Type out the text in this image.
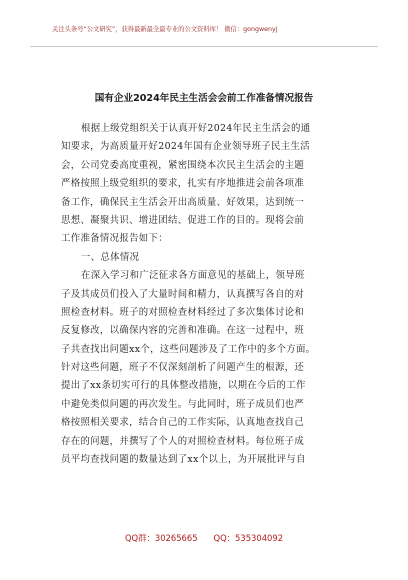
关注头条号“公文研究”，获得最新最全最专业的公文资料库！ 微信：gongwenyj
国有企业2024年民主生活会会前工作准备情况报告
根据上级党组织关于认真开好2024年民主生活会的通
知要求，为高质量开好2024年国有企业领导班子民主生活
会，公司党委高度重视，紧密围绕本次民主生活会的主题
严格按照上级党组织的要求，扎实有序地推进会前各项准
备工作，确保民主生活会开出高质量、好效果，达到统一
思想、凝聚共识、增进团结、促进工作的目的。现将会前
工作准备情况报告如下：
一、总体情况
在深入学习和广泛征求各方面意见的基础上，领导班
子及其成员们投入了大量时间和精力，认真撰写各自的对
照检查材料。班子的对照检查材料经过了多次集体讨论和
反复修改，以确保内容的完善和准确。在这一过程中，班
子共查找出问题xx个，这些问题涉及了工作中的多个方面。
针对这些问题，班子不仅深刻剖析了问题产生的根源，还
提出了xx条切实可行的具体整改措施，以期在今后的工作
中避免类似问题的再次发生。与此同时，班子成员们也严
格按照相关要求，结合自己的工作实际，认真地查找自己
存在的问题，并撰写了个人的对照检查材料。每位班子成
员平均查找问题的数量达到了xx个以上，为开展批评与自
QQ群：30265665      QQ：535304092
